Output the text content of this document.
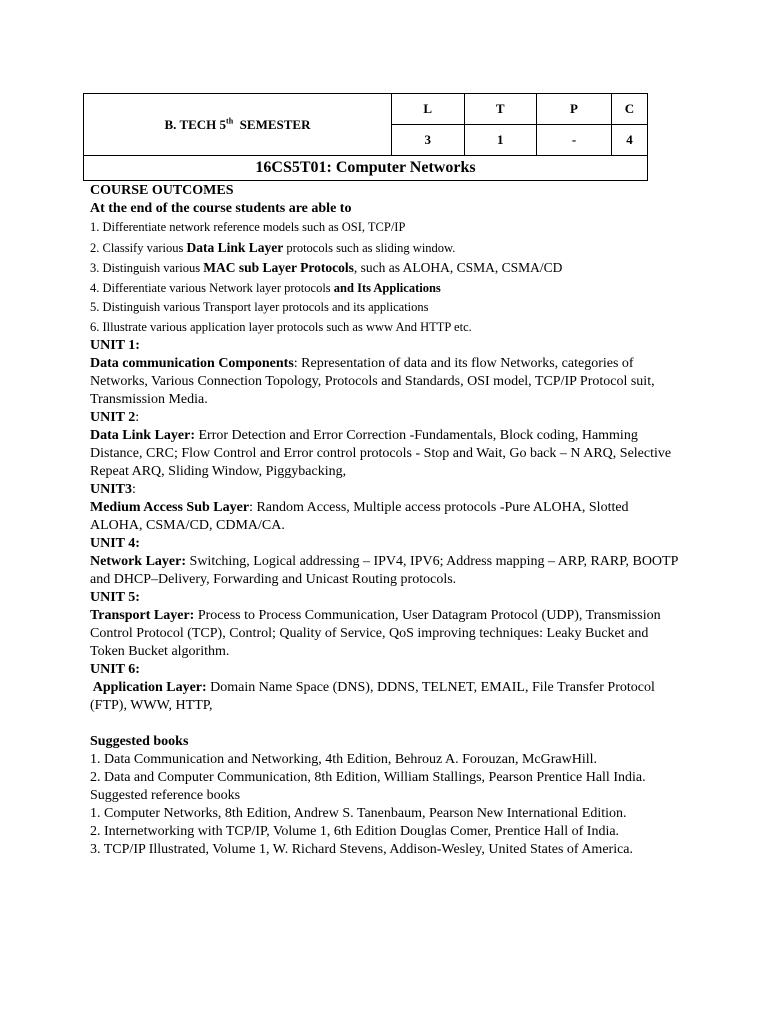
B. TECH 5th  SEMESTER	L	T	P	C
	3	1	-	4
16CS5T01: Computer Networks				
COURSE OUTCOMES
At the end of the course students are able to
1. Differentiate network reference models such as OSI, TCP/IP
2. Classify various Data Link Layer protocols such as sliding window.
3. Distinguish various MAC sub Layer Protocols, such as ALOHA, CSMA, CSMA/CD
4. Differentiate various Network layer protocols and Its Applications
5. Distinguish various Transport layer protocols and its applications
6. Illustrate various application layer protocols such as www And HTTP etc.
UNIT 1:
Data communication Components: Representation of data and its flow Networks, categories of Networks, Various Connection Topology, Protocols and Standards, OSI model, TCP/IP Protocol suit, Transmission Media.
UNIT 2:
Data Link Layer: Error Detection and Error Correction -Fundamentals, Block coding, Hamming Distance, CRC; Flow Control and Error control protocols - Stop and Wait, Go back – N ARQ, Selective Repeat ARQ, Sliding Window, Piggybacking,
UNIT3:
Medium Access Sub Layer: Random Access, Multiple access protocols -Pure ALOHA, Slotted ALOHA, CSMA/CD, CDMA/CA.
UNIT 4:
Network Layer: Switching, Logical addressing – IPV4, IPV6; Address mapping – ARP, RARP, BOOTP and DHCP–Delivery, Forwarding and Unicast Routing protocols.
UNIT 5:
Transport Layer: Process to Process Communication, User Datagram Protocol (UDP), Transmission Control Protocol (TCP), Control; Quality of Service, QoS improving techniques: Leaky Bucket and Token Bucket algorithm.
UNIT 6:
Application Layer: Domain Name Space (DNS), DDNS, TELNET, EMAIL, File Transfer Protocol (FTP), WWW, HTTP,
Suggested books
1. Data Communication and Networking, 4th Edition, Behrouz A. Forouzan, McGrawHill.
2. Data and Computer Communication, 8th Edition, William Stallings, Pearson Prentice Hall India.
Suggested reference books
1. Computer Networks, 8th Edition, Andrew S. Tanenbaum, Pearson New International Edition.
2. Internetworking with TCP/IP, Volume 1, 6th Edition Douglas Comer, Prentice Hall of India.
3. TCP/IP Illustrated, Volume 1, W. Richard Stevens, Addison-Wesley, United States of America.
